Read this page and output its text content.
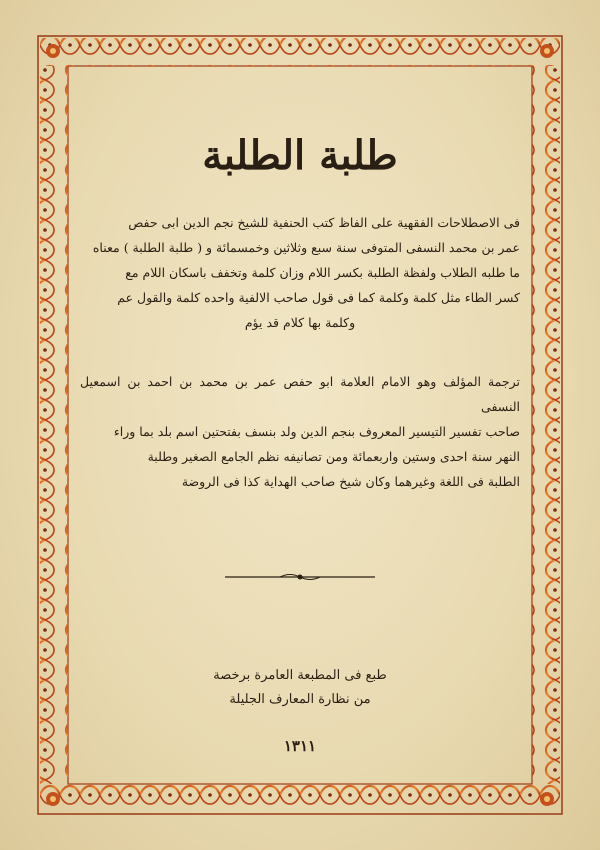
طلبة الطلبة
فى الاصطلاحات الفقهية على الفاظ كتب الحنفية للشيخ نجم الدين ابى حفص
عمر بن محمد النسفى المتوفى سنة سبع وثلاثين وخمسمائة و ( طلبة الطلبة ) معناه
ما طلبه الطلاب ولفظة الطلبة بكسر اللام وزان كلمة وتخفف باسكان اللام مع
كسر الطاء مثل كلمة وكلمة كما فى قول صاحب الالفية واحده كلمة والقول عم
وكلمة بها كلام قد يؤم
ترجمة المؤلف وهو الامام العلامة ابو حفص عمر بن محمد بن احمد بن اسمعيل النسفى
صاحب تفسير التيسير المعروف بنجم الدين ولد بنسف بفتحتين اسم بلد بما وراء
النهر سنة احدى وستين واربعمائة ومن تصانيفه نظم الجامع الصغير وطلبة
الطلبة فى اللغة وغيرهما وكان شيخ صاحب الهداية كذا فى الروضة
طبع فى المطبعة العامرة برخصة
من نظارة المعارف الجليلة
١٣١١
